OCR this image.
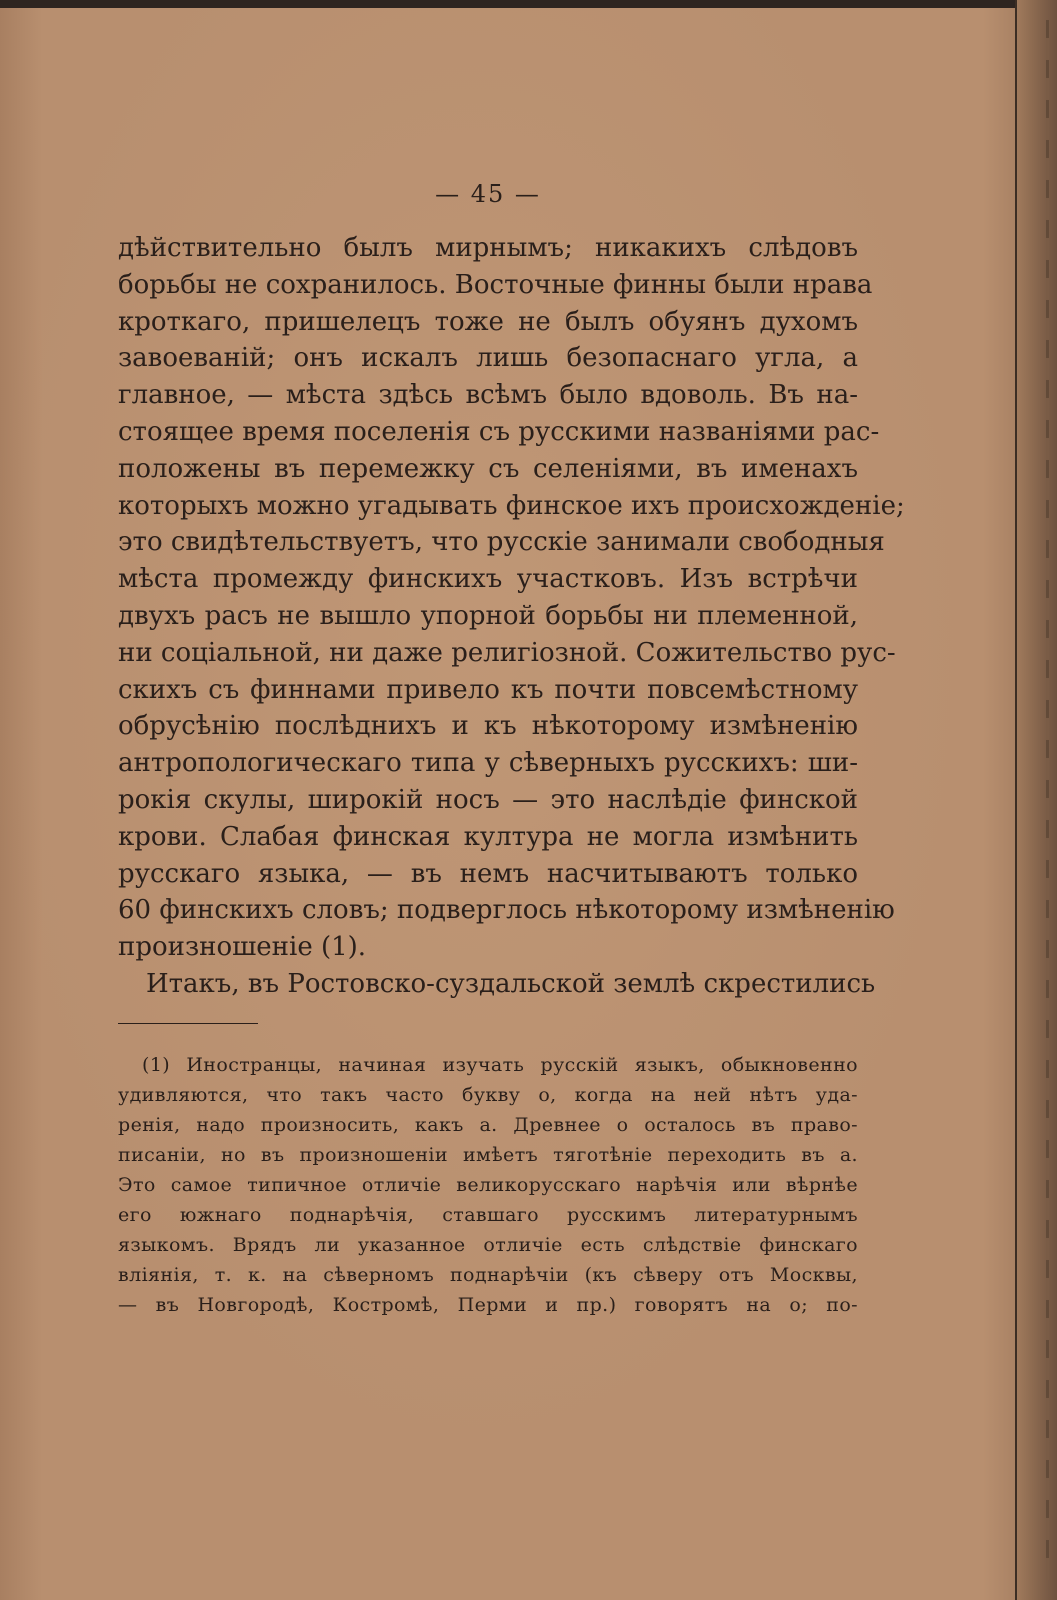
— 45 —
дѣйствительно былъ мирнымъ; никакихъ слѣдовъ
борьбы не сохранилось. Восточные финны были нрава
кроткаго, пришелецъ тоже не былъ обуянъ духомъ
завоеванiй; онъ искалъ лишь безопаснаго угла, а
главное, — мѣста здѣсь всѣмъ было вдоволь. Въ на-
стоящее время поселенiя съ русскими названiями рас-
положены въ перемежку съ селенiями, въ именахъ
которыхъ можно угадывать финское ихъ происхожденiе;
это свидѣтельствуетъ, что русскiе занимали свободныя
мѣста промежду финскихъ участковъ. Изъ встрѣчи
двухъ расъ не вышло упорной борьбы ни племенной,
ни соцiальной, ни даже религiозной. Сожительство рус-
скихъ съ финнами привело къ почти повсемѣстному
обрусѣнiю послѣднихъ и къ нѣкоторому измѣненiю
антропологическаго типа у сѣверныхъ русскихъ: ши-
рокiя скулы, широкiй носъ — это наслѣдiе финской
крови. Слабая финская култура не могла измѣнить
русскаго языка, — въ немъ насчитываютъ только
60 финскихъ словъ; подверглось нѣкоторому измѣненiю
произношенiе (1).
Итакъ, въ Ростовско-суздальской землѣ скрестились
(1) Иностранцы, начиная изучать русскiй языкъ, обыкновенно
удивляются, что такъ часто букву о, когда на ней нѣтъ уда-
ренiя, надо произносить, какъ а. Древнее о осталось въ право-
писанiи, но въ произношенiи имѣетъ тяготѣнiе переходить въ а.
Это самое типичное отличiе великорусскаго нарѣчiя или вѣрнѣе
его южнаго поднарѣчiя, ставшаго русскимъ литературнымъ
языкомъ. Врядъ ли указанное отличiе есть слѣдствiе финскаго
влiянiя, т. к. на сѣверномъ поднарѣчiи (къ сѣверу отъ Москвы,
— въ Новгородѣ, Костромѣ, Перми и пр.) говорятъ на о; по-
